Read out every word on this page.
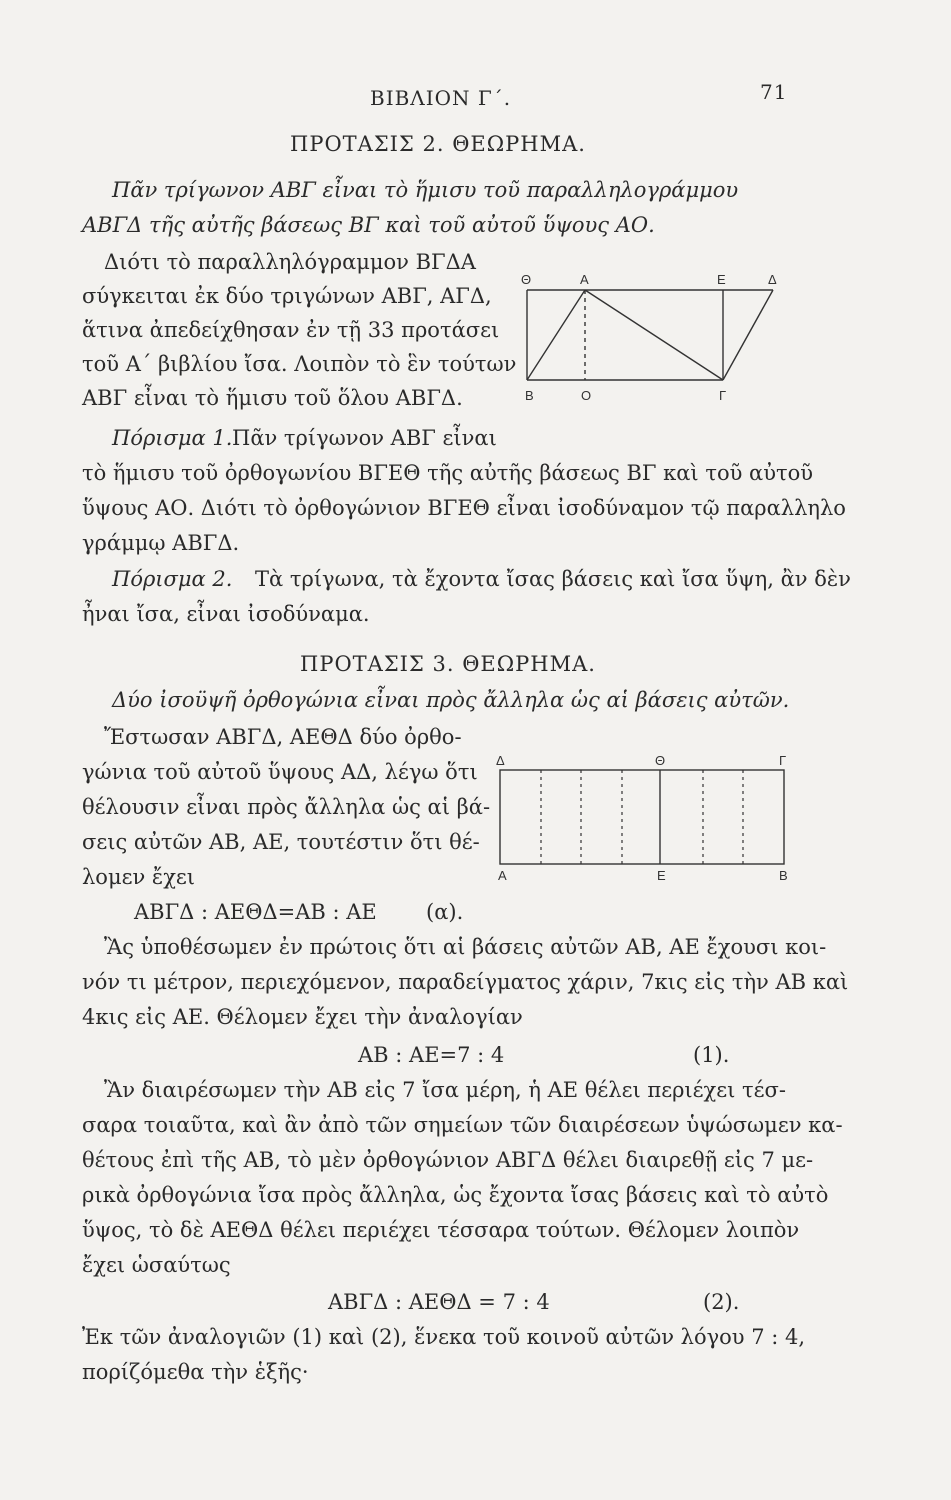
ΒΙΒΛΙΟΝ Γ΄.	71
ΠΡΟΤΑΣΙΣ 2. ΘΕΩΡΗΜΑ.
Πᾶν τρίγωνον ΑΒΓ εἶναι τὸ ἥμισυ τοῦ παραλληλογράμμου
ΑΒΓΔ τῆς αὐτῆς βάσεως ΒΓ καὶ τοῦ αὐτοῦ ὕψους ΑΟ.
Διότι τὸ παραλληλόγραμμον ΒΓΔΑ
σύγκειται ἐκ δύο τριγώνων ΑΒΓ, ΑΓΔ,
ἅτινα ἀπεδείχθησαν ἐν τῇ 33 προτάσει
τοῦ Α΄ βιβλίου ἴσα. Λοιπὸν τὸ ἓν τούτων
ΑΒΓ εἶναι τὸ ἥμισυ τοῦ ὅλου ΑΒΓΔ.
Θ	Α	Ε	Δ
Β	Ο	Γ
Πόρισμα 1. Πᾶν τρίγωνον ΑΒΓ εἶναι
τὸ ἥμισυ τοῦ ὀρθογωνίου ΒΓΕΘ τῆς αὐτῆς βάσεως ΒΓ καὶ τοῦ αὐτοῦ
ὕψους ΑΟ. Διότι τὸ ὀρθογώνιον ΒΓΕΘ εἶναι ἰσοδύναμον τῷ παραλληλο
γράμμῳ ΑΒΓΔ.
Πόρισμα 2. Τὰ τρίγωνα, τὰ ἔχοντα ἴσας βάσεις καὶ ἴσα ὕψη, ἂν δὲν
ἦναι ἴσα, εἶναι ἰσοδύναμα.
ΠΡΟΤΑΣΙΣ 3. ΘΕΩΡΗΜΑ.
Δύο ἰσοϋψῆ ὀρθογώνια εἶναι πρὸς ἄλληλα ὡς αἱ βάσεις αὐτῶν.
Ἔστωσαν ΑΒΓΔ, ΑΕΘΔ δύο ὀρθο-
γώνια τοῦ αὐτοῦ ὕψους ΑΔ, λέγω ὅτι
θέλουσιν εἶναι πρὸς ἄλληλα ὡς αἱ βά-
σεις αὐτῶν ΑΒ, ΑΕ, τουτέστιν ὅτι θέ-
λομεν ἔχει
Δ	Θ	Γ
Α	Ε	Β
ΑΒΓΔ : ΑΕΘΔ=ΑΒ : ΑΕ (α).
Ἂς ὑποθέσωμεν ἐν πρώτοις ὅτι αἱ βάσεις αὐτῶν ΑΒ, ΑΕ ἔχουσι κοι-
νόν τι μέτρον, περιεχόμενον, παραδείγματος χάριν, 7κις εἰς τὴν ΑΒ καὶ
4κις εἰς ΑΕ. Θέλομεν ἔχει τὴν ἀναλογίαν
ΑΒ : ΑΕ=7 : 4	(1).
Ἂν διαιρέσωμεν τὴν ΑΒ εἰς 7 ἴσα μέρη, ἡ ΑΕ θέλει περιέχει τέσ-
σαρα τοιαῦτα, καὶ ἂν ἀπὸ τῶν σημείων τῶν διαιρέσεων ὑψώσωμεν κα-
θέτους ἐπὶ τῆς ΑΒ, τὸ μὲν ὀρθογώνιον ΑΒΓΔ θέλει διαιρεθῇ εἰς 7 με-
ρικὰ ὀρθογώνια ἴσα πρὸς ἄλληλα, ὡς ἔχοντα ἴσας βάσεις καὶ τὸ αὐτὸ
ὕψος, τὸ δὲ ΑΕΘΔ θέλει περιέχει τέσσαρα τούτων. Θέλομεν λοιπὸν
ἔχει ὡσαύτως
ΑΒΓΔ : ΑΕΘΔ = 7 : 4	(2).
Ἐκ τῶν ἀναλογιῶν (1) καὶ (2), ἕνεκα τοῦ κοινοῦ αὐτῶν λόγου 7 : 4,
πορίζόμεθα τὴν ἑξῆς·
